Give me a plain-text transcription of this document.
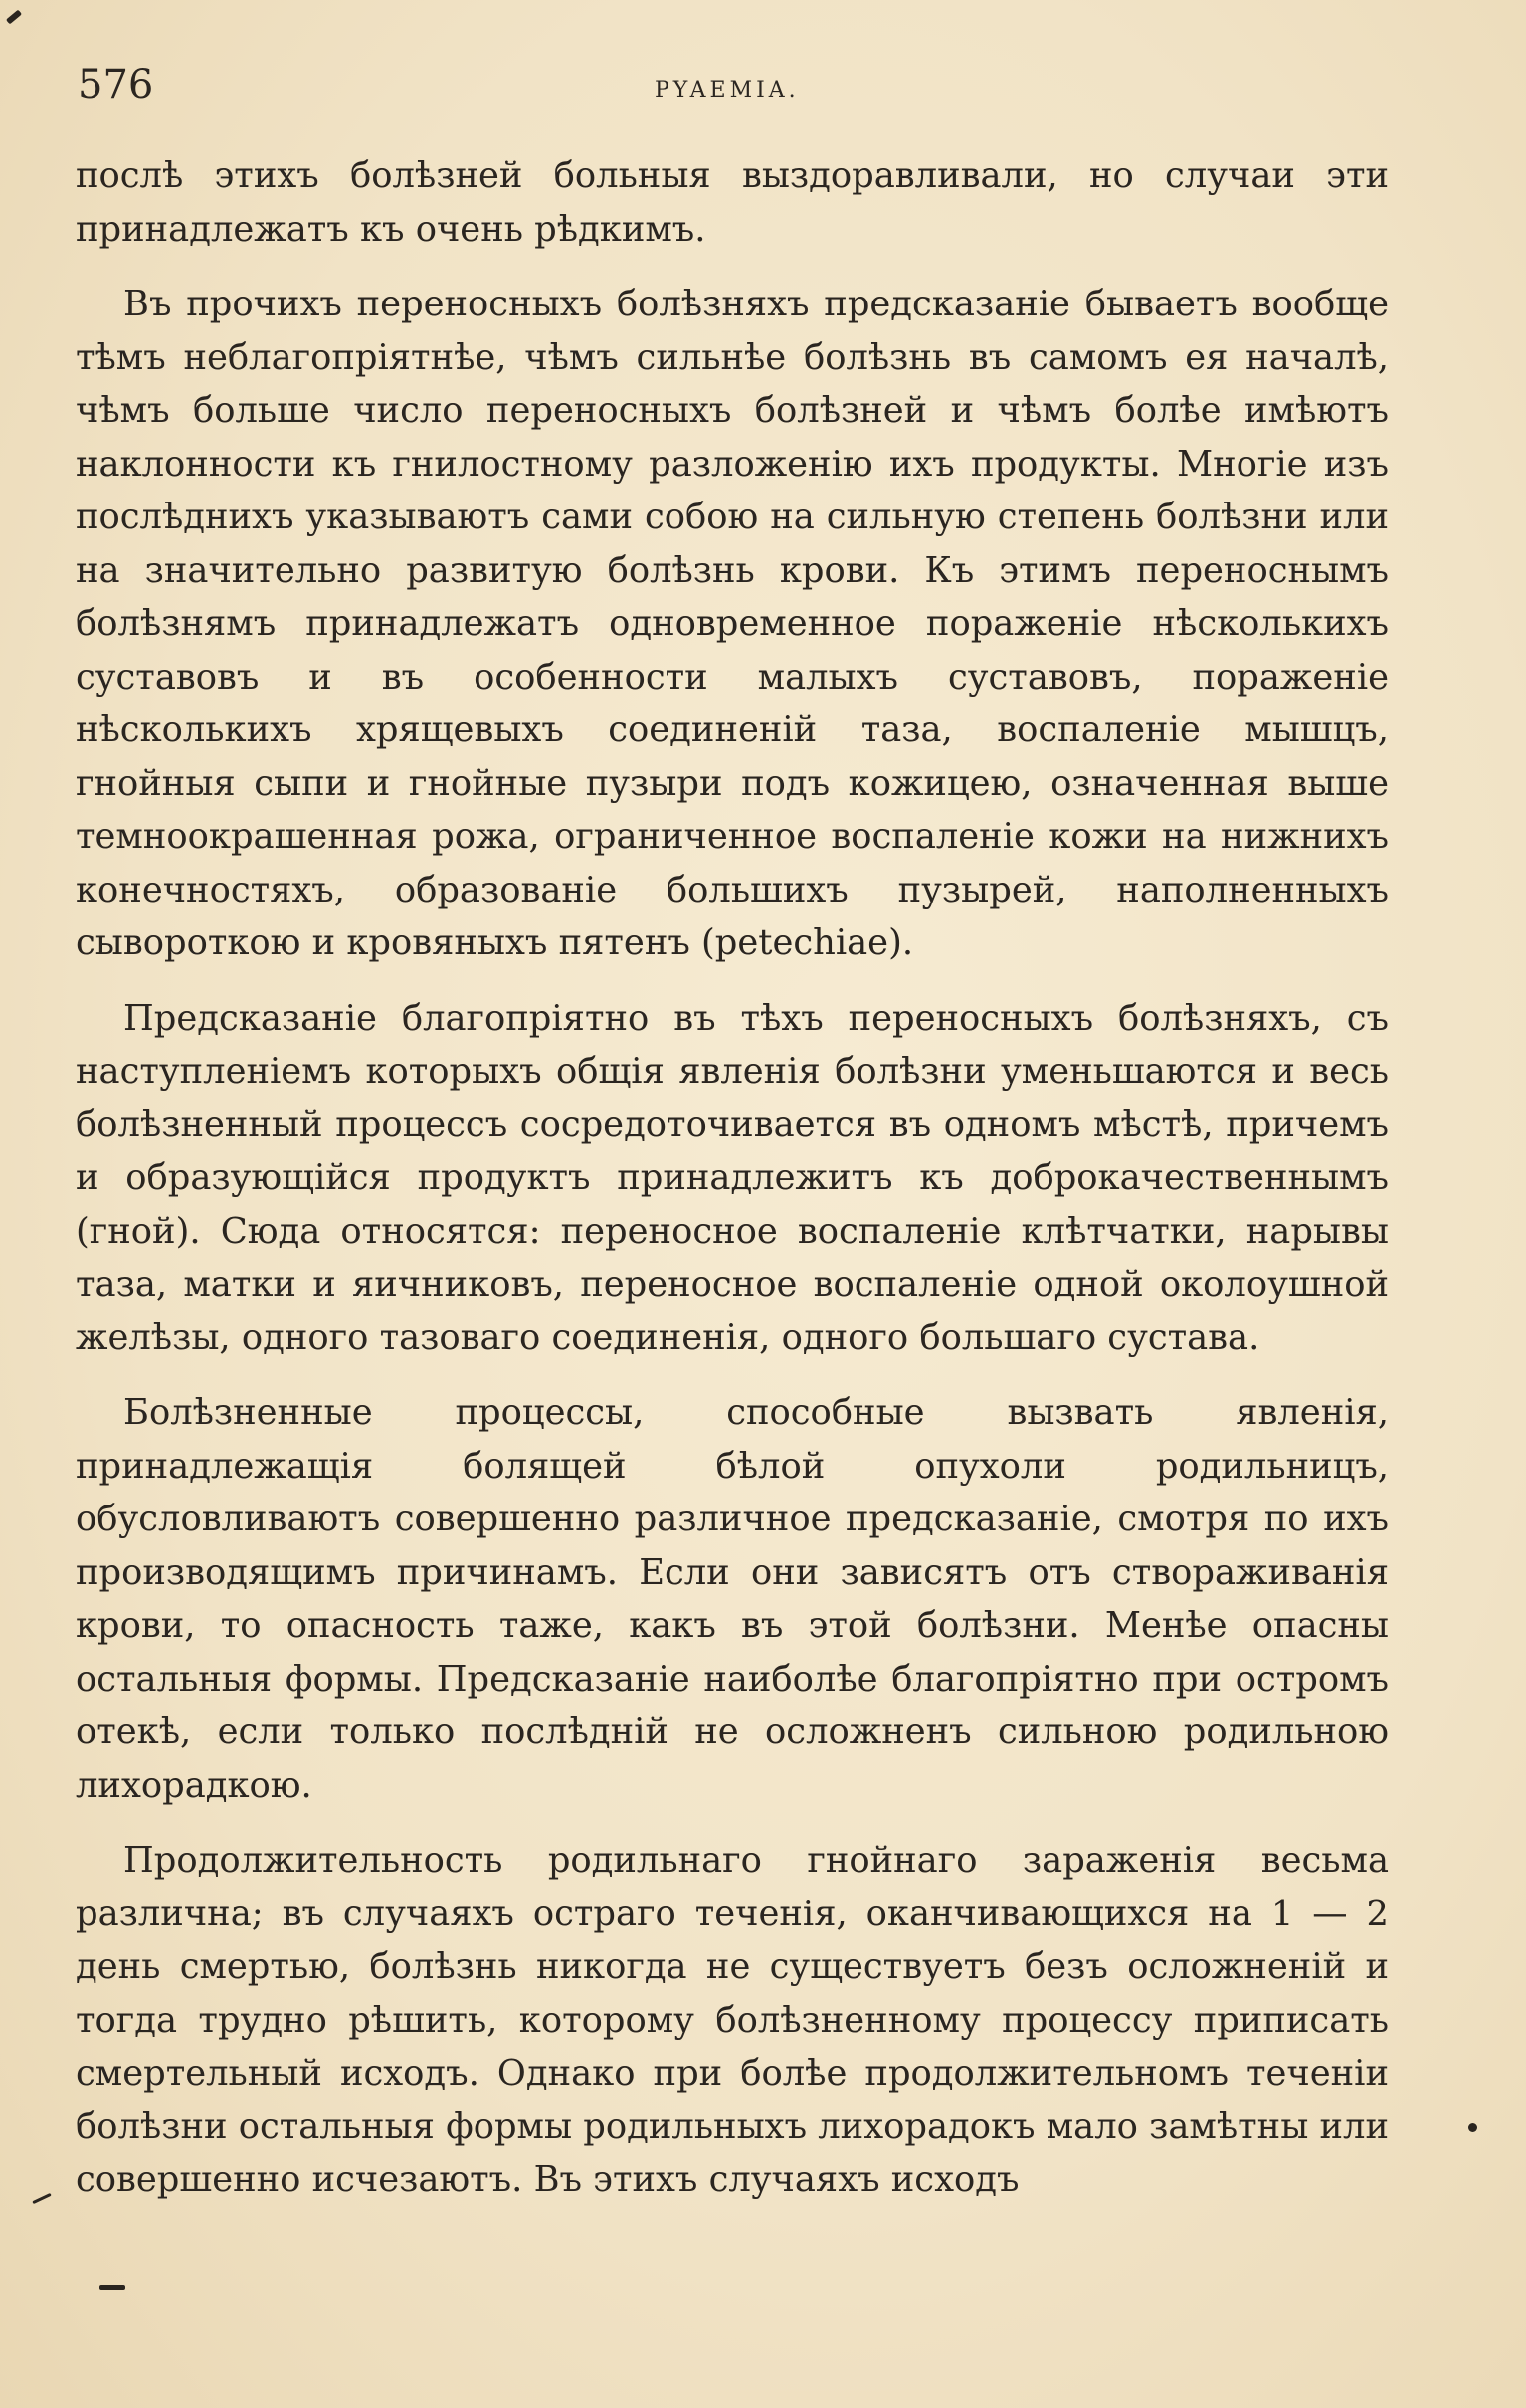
576	PYAEMIA.

послѣ этихъ болѣзней больныя выздоравливали, но случаи эти принадлежатъ къ очень рѣдкимъ.

Въ прочихъ переносныхъ болѣзняхъ предсказаніе бываетъ вообще тѣмъ неблагопріятнѣе, чѣмъ сильнѣе болѣзнь въ самомъ ея началѣ, чѣмъ больше число переносныхъ болѣзней и чѣмъ болѣе имѣютъ наклонности къ гнилостному разложенію ихъ продукты. Многіе изъ послѣднихъ указываютъ сами собою на сильную степень болѣзни или на значительно развитую болѣзнь крови. Къ этимъ переноснымъ болѣзнямъ принадлежатъ одновременное поражeніе нѣсколькихъ суставовъ и въ особенности малыхъ суставовъ, пораженіе нѣсколькихъ хрящевыхъ соединеній таза, воспаленіе мышцъ, гнойныя сыпи и гнойные пузыри подъ кожицею, означенная выше темноокрашенная рожа, ограниченное воспаленіе кожи на нижнихъ конечностяхъ, образованіе большихъ пузырей, наполненныхъ сывороткою и кровяныхъ пятенъ (petechiae).

Предсказаніе благопріятно въ тѣхъ переносныхъ болѣзняхъ, съ наступленіемъ которыхъ общія явленія болѣзни уменьшаются и весь болѣзненный процессъ сосредоточивается въ одномъ мѣстѣ, причемъ и образующійся продуктъ принадлежитъ къ доброкачественнымъ (гной). Сюда относятся: переносное воспаленіе клѣтчатки, нарывы таза, матки и яичниковъ, переносное воспаленіе одной околоушной желѣзы, одного тазоваго соединенія, одного большаго сустава.

Болѣзненные процессы, способные вызвать явленія, принадлежащія болящей бѣлой опухоли родильницъ, обусловливаютъ совершенно различное предсказаніе, смотря по ихъ производящимъ причинамъ. Если они зависятъ отъ створаживанія крови, то опасность таже, какъ въ этой болѣзни. Менѣе опасны остальныя формы. Предсказаніе наиболѣе благопріятно при остромъ отекѣ, если только послѣдній не осложненъ сильною родильною лихорадкою.

Продолжительность родильнаго гнойнаго зараженія весьма различна; въ случаяхъ остраго теченія, оканчивающихся на 1 — 2 день смертью, болѣзнь никогда не существуетъ безъ осложненій и тогда трудно рѣшить, которому болѣзненному процессу приписать смертельный исходъ. Однако при болѣе продолжительномъ теченіи болѣзни остальныя формы родильныхъ лихорадокъ мало замѣтны или совершенно исчезаютъ. Въ этихъ случаяхъ исходъ
